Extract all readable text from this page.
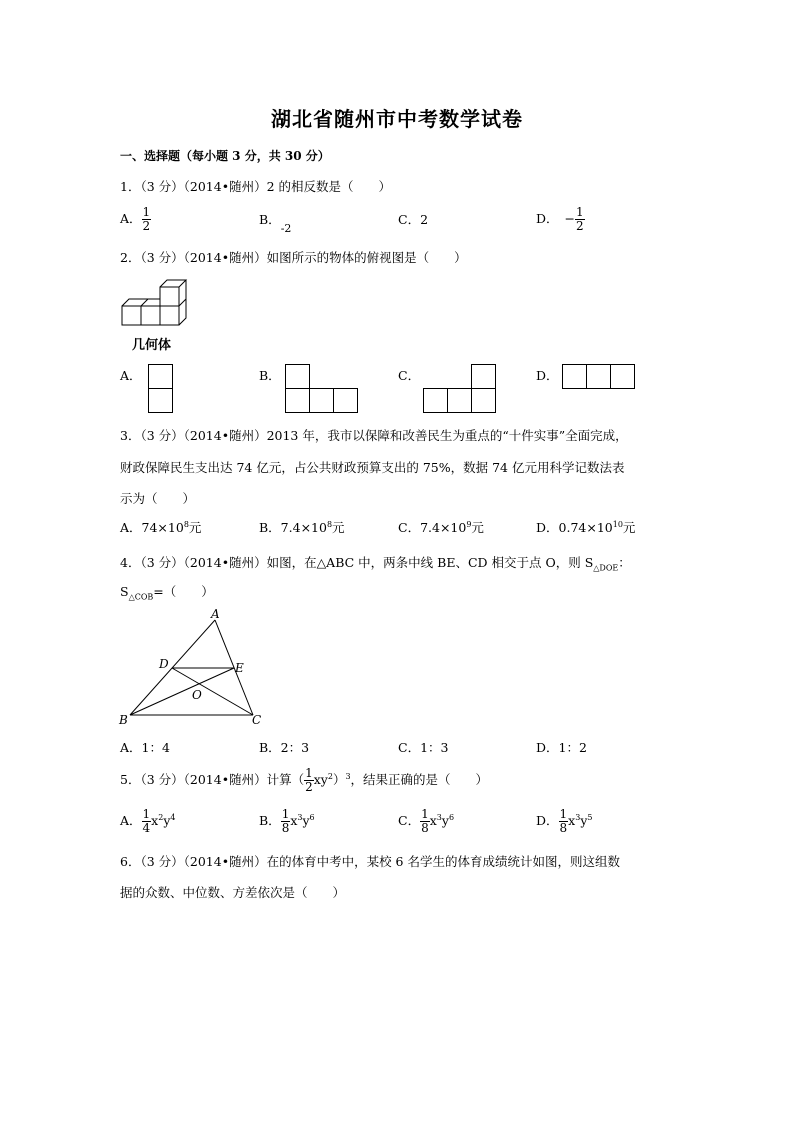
湖北省随州市中考数学试卷
一、选择题（每小题 3 分，共 30 分）
1．（3 分）（2014•随州）2 的相反数是（　　）
A． $\frac{1}{2}$	B．-2
C．2	D． − $\frac{1}{2}$
2．（3 分）（2014•随州）如图所示的物体的俯视图是（　　）
几何体
A．	B．	C．	D．
3．（3 分）（2014•随州）2013 年，我市以保障和改善民生为重点的“十件实事”全面完成，
财政保障民生支出达 74 亿元，占公共财政预算支出的 75%，数据 74 亿元用科学记数法表
示为（　　）
A．$74\times 10^8$元	B．$7.4\times 10^8$元	C．$7.4\times 10^9$元	D．$0.74\times 10^{10}$元
4．（3 分）（2014•随州）如图，在△ABC 中，两条中线 BE、CD 相交于点 O，则 $S_{\triangle DOE}$：
$S_{\triangle COB}=$（　　）
A
B	C
D	E
O
A．1：4	B．2：3	C．1：3	D．1：2
5．（3 分）（2014•随州）计算（ $\frac{1}{2} xy^2)^3$，结果正确的是（　　）
A． $\frac{1}{4} x^2y^4$	B． $\frac{1}{8} x^3y^6$	C． $\frac{1}{8} x^3y^6$	D． $\frac{1}{8} x^3y^5$
6．（3 分）（2014•随州）在的体育中考中，某校 6 名学生的体育成绩统计如图，则这组数
据的众数、中位数、方差依次是（　　）
